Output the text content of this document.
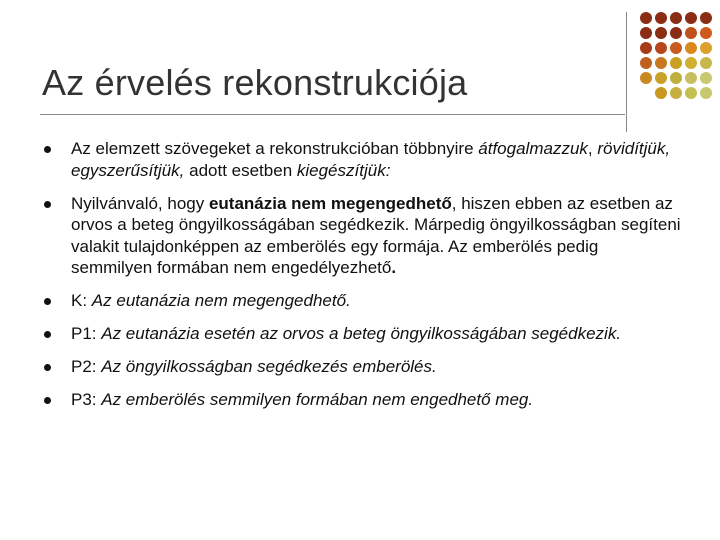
Az érvelés rekonstrukciója
Az elemzett szövegeket a rekonstrukcióban többnyire átfogalmazzuk, rövidítjük, egyszerűsítjük, adott esetben kiegészítjük:
Nyilvánvaló, hogy eutanázia nem megengedhető, hiszen ebben az esetben az orvos a beteg öngyilkosságában segédkezik. Márpedig öngyilkosságban segíteni valakit tulajdonképpen az emberölés egy formája. Az emberölés pedig semmilyen formában nem engedélyezhető.
K: Az eutanázia nem megengedhető.
P1: Az eutanázia esetén az orvos a beteg öngyilkosságában segédkezik.
P2: Az öngyilkosságban segédkezés emberölés.
P3: Az emberölés semmilyen formában nem engedhető meg.
